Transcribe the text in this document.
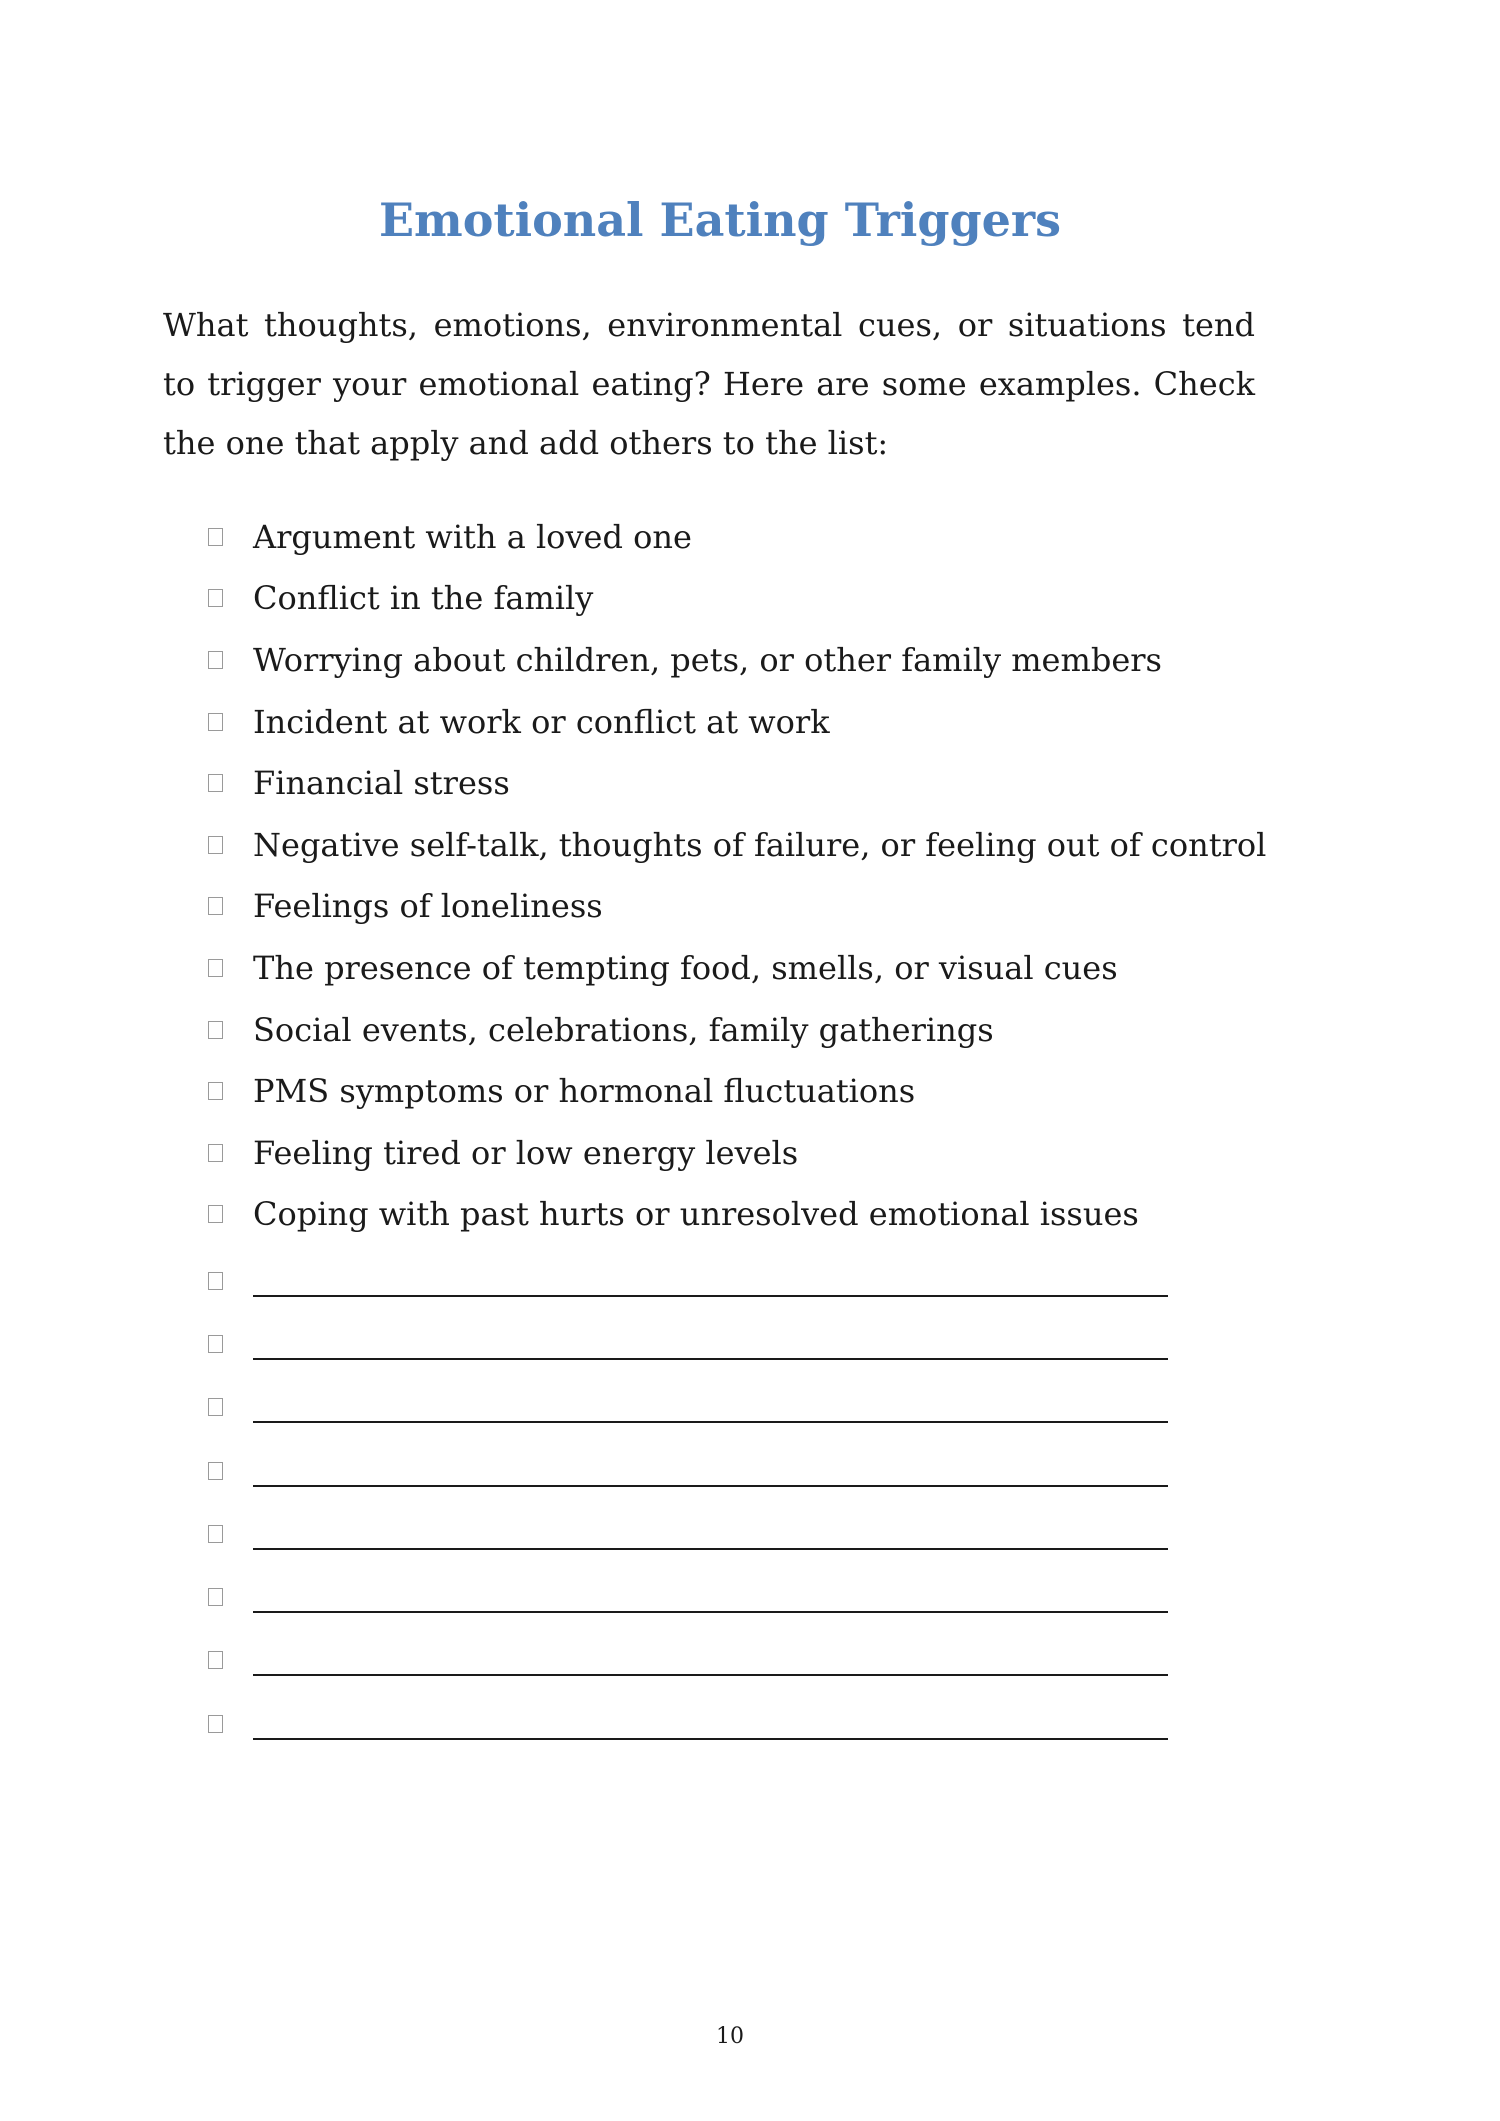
Emotional Eating Triggers

What thoughts, emotions, environmental cues, or situations tend to trigger your emotional eating? Here are some examples. Check the one that apply and add others to the list:

Argument with a loved one
Conflict in the family
Worrying about children, pets, or other family members
Incident at work or conflict at work
Financial stress
Negative self-talk, thoughts of failure, or feeling out of control
Feelings of loneliness
The presence of tempting food, smells, or visual cues
Social events, celebrations, family gatherings
PMS symptoms or hormonal fluctuations
Feeling tired or low energy levels
Coping with past hurts or unresolved emotional issues
10
